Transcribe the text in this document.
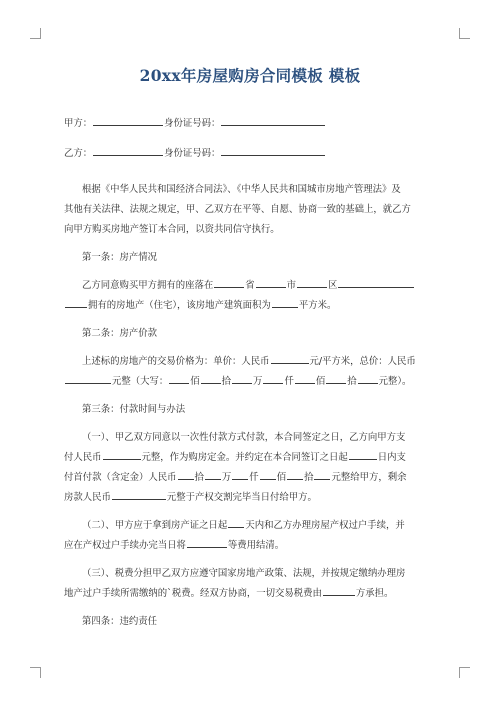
20xx年房屋购房合同模板 模板
甲方：	身份证号码：
乙方：	身份证号码：
根据《中华人民共和国经济合同法》、《中华人民共和国城市房地产管理法》及
其他有关法律、法规之规定，甲、乙双方在平等、自愿、协商一致的基础上，就乙方
向甲方购买房地产签订本合同，以资共同信守执行。
第一条：房产情况
乙方同意购买甲方拥有的座落在	省	市	区
拥有的房地产（住宅），该房地产建筑面积为	平方米。
第二条：房产价款
上述标的房地产的交易价格为：单价：人民币	元/平方米，总价：人民币
元整（大写： 佰 拾 万 仟 佰 拾 元整）。
第三条：付款时间与办法
（一）、甲乙双方同意以一次性付款方式付款，本合同签定之日，乙方向甲方支
付人民币	元整，作为购房定金。并约定在本合同签订之日起	日内支
付首付款（含定金）人民币 拾 万 仟 佰 拾 元整给甲方，剩余
房款人民币	元整于产权交割完毕当日付给甲方。
（二）、甲方应于拿到房产证之日起 天内和乙方办理房屋产权过户手续，并
应在产权过户手续办完当日将	等费用结清。
（三）、税费分担甲乙双方应遵守国家房地产政策、法规，并按规定缴纳办理房
地产过户手续所需缴纳的`税费。经双方协商，一切交易税费由	方承担。
第四条：违约责任
